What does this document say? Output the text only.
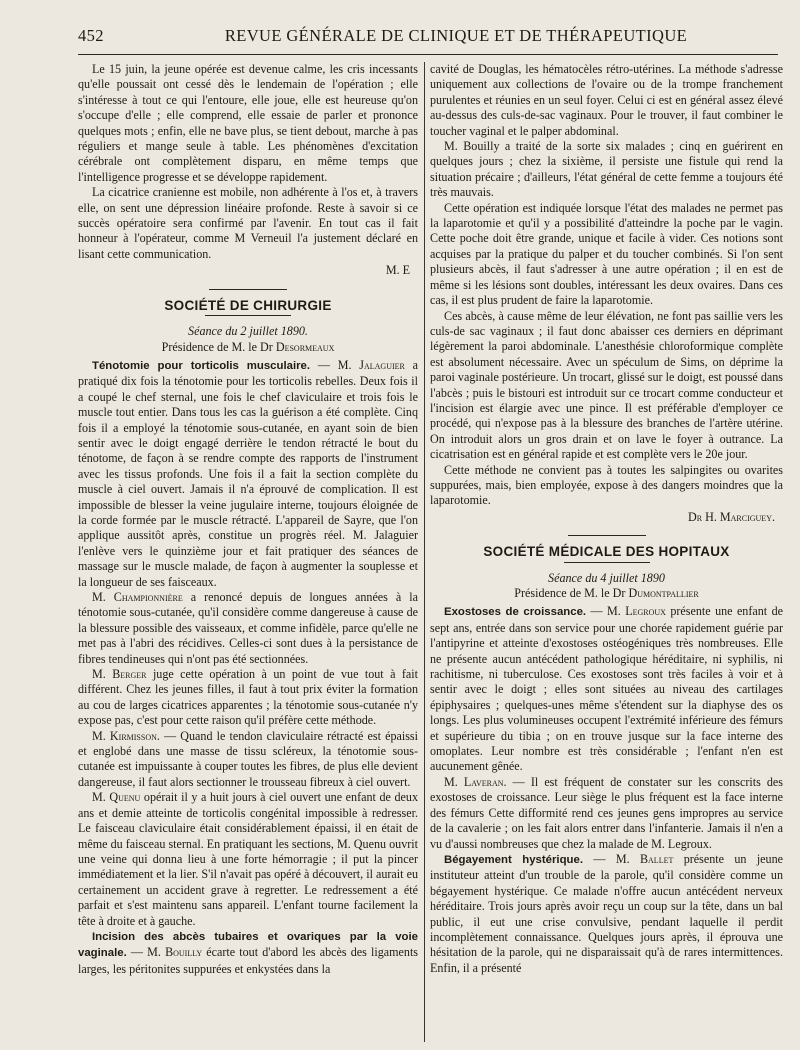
452	REVUE GÉNÉRALE DE CLINIQUE ET DE THÉRAPEUTIQUE

Le 15 juin, la jeune opérée est devenue calme, les cris incessants qu'elle poussait ont cessé dès le lendemain de l'opération ; elle s'intéresse à tout ce qui l'entoure, elle joue, elle est heureuse qu'on s'occupe d'elle ; elle comprend, elle essaie de parler et prononce quelques mots ; enfin, elle ne bave plus, se tient debout, marche à pas réguliers et mange seule à table. Les phénomènes d'excitation cérébrale ont complètement disparu, en même temps que l'intelligence progresse et se développe rapidement.

La cicatrice cranienne est mobile, non adhérente à l'os et, à travers elle, on sent une dépression linéaire profonde. Reste à savoir si ce succès opératoire sera confirmé par l'avenir. En tout cas il fait honneur à l'opérateur, comme M Verneuil l'a justement déclaré en lisant cette communication.

M. E
SOCIÉTÉ DE CHIRURGIE
Séance du 2 juillet 1890.
Présidence de M. le Dr Desormeaux

Ténotomie pour torticolis musculaire. — M. Jalaguier a pratiqué dix fois la ténotomie pour les torticolis rebelles. Deux fois il a coupé le chef sternal, une fois le chef claviculaire et trois fois le muscle tout entier. Dans tous les cas la guérison a été complète. Cinq fois il a employé la ténotomie sous-cutanée, en ayant soin de bien sentir avec le doigt engagé derrière le tendon rétracté le bout du ténotome, de façon à se rendre compte des rapports de l'instrument avec les tissus profonds. Une fois il a fait la section complète du muscle à ciel ouvert. Jamais il n'a éprouvé de complication. Il est impossible de blesser la veine jugulaire interne, toujours éloignée de la corde formée par le muscle rétracté. L'appareil de Sayre, que l'on applique aussitôt après, constitue un progrès réel. M. Jalaguier l'enlève vers le quinzième jour et fait pratiquer des séances de massage sur le muscle malade, de façon à augmenter la souplesse et la longueur de ses faisceaux.

M. Championnière a renoncé depuis de longues années à la ténotomie sous-cutanée, qu'il considère comme dangereuse à cause de la blessure possible des vaisseaux, et comme infidèle, parce qu'elle ne met pas à l'abri des récidives. Celles-ci sont dues à la persistance de fibres tendineuses qui n'ont pas été sectionnées.

M. Berger juge cette opération à un point de vue tout à fait différent. Chez les jeunes filles, il faut à tout prix éviter la formation au cou de larges cicatrices apparentes ; la ténotomie sous-cutanée n'y expose pas, c'est pour cette raison qu'il préfère cette méthode.

M. Kirmisson. — Quand le tendon claviculaire rétracté est épaissi et englobé dans une masse de tissu scléreux, la ténotomie sous-cutanée est impuissante à couper toutes les fibres, de plus elle devient dangereuse, il faut alors sectionner le trousseau fibreux à ciel ouvert.

M. Quenu opérait il y a huit jours à ciel ouvert une enfant de deux ans et demie atteinte de torticolis congénital impossible à redresser. Le faisceau claviculaire était considérablement épaissi, il en était de même du faisceau sternal. En pratiquant les sections, M. Quenu ouvrit une veine qui donna lieu à une forte hémorragie ; il put la pincer immédiatement et la lier. S'il n'avait pas opéré à découvert, il aurait eu certainement un accident grave à regretter. Le redressement a été parfait et s'est maintenu sans appareil. L'enfant tourne facilement la tête à droite et à gauche.

Incision des abcès tubaires et ovariques par la voie vaginale. — M. Bouilly écarte tout d'abord les abcès des ligaments larges, les péritonites suppurées et enkystées dans la

cavité de Douglas, les hématocèles rétro-utérines. La méthode s'adresse uniquement aux collections de l'ovaire ou de la trompe franchement purulentes et réunies en un seul foyer. Celui ci est en général assez élevé au-dessus des culs-de-sac vaginaux. Pour le trouver, il faut combiner le toucher vaginal et le palper abdominal.

M. Bouilly a traité de la sorte six malades ; cinq en guérirent en quelques jours ; chez la sixième, il persiste une fistule qui rend la situation précaire ; d'ailleurs, l'état général de cette femme a toujours été très mauvais.

Cette opération est indiquée lorsque l'état des malades ne permet pas la laparotomie et qu'il y a possibilité d'atteindre la poche par le vagin. Cette poche doit être grande, unique et facile à vider. Ces notions sont acquises par la pratique du palper et du toucher combinés. Si l'on sent plusieurs abcès, il faut s'adresser à une autre opération ; il en est de même si les lésions sont doubles, intéressant les deux ovaires. Dans ces cas, il est plus prudent de faire la laparotomie.

Ces abcès, à cause même de leur élévation, ne font pas saillie vers les culs-de sac vaginaux ; il faut donc abaisser ces derniers en déprimant légèrement la paroi abdominale. L'anesthésie chloroformique complète est absolument nécessaire. Avec un spéculum de Sims, on déprime la paroi vaginale postérieure. Un trocart, glissé sur le doigt, est poussé dans l'abcès ; puis le bistouri est introduit sur ce trocart comme conducteur et l'incision est élargie avec une pince. Il est préférable d'employer ce procédé, qui n'expose pas à la blessure des branches de l'artère utérine. On introduit alors un gros drain et on lave le foyer à outrance. La cicatrisation est en général rapide et est complète vers le 20e jour.

Cette méthode ne convient pas à toutes les salpingites ou ovarites suppurées, mais, bien employée, expose à des dangers moindres que la laparotomie.

Dr H. Marciguey.
SOCIÉTÉ MÉDICALE DES HOPITAUX
Séance du 4 juillet 1890
Présidence de M. le Dr Dumontpallier

Exostoses de croissance. — M. Legroux présente une enfant de sept ans, entrée dans son service pour une chorée rapidement guérie par l'antipyrine et atteinte d'exostoses ostéogéniques très nombreuses. Elle ne présente aucun antécédent pathologique héréditaire, ni syphilis, ni rachitisme, ni tuberculose. Ces exostoses sont très faciles à voir et à sentir avec le doigt ; elles sont situées au niveau des cartilages épiphysaires ; quelques-unes même s'étendent sur la diaphyse des os longs. Les plus volumineuses occupent l'extrémité inférieure des fémurs et supérieure du tibia ; on en trouve jusque sur la face interne des omoplates. Leur nombre est très considérable ; l'enfant n'en est aucunement gênée.

M. Laveran. — Il est fréquent de constater sur les conscrits des exostoses de croissance. Leur siège le plus fréquent est la face interne des fémurs Cette difformité rend ces jeunes gens impropres au service de la cavalerie ; on les fait alors entrer dans l'infanterie. Jamais il n'en a vu d'aussi nombreuses que chez la malade de M. Legroux.

Bégayement hystérique. — M. Ballet présente un jeune instituteur atteint d'un trouble de la parole, qu'il considère comme un bégayement hystérique. Ce malade n'offre aucun antécédent nerveux héréditaire. Trois jours après avoir reçu un coup sur la tête, dans un bal public, il eut une crise convulsive, pendant laquelle il perdit incomplètement connaissance. Quelques jours après, il éprouva une hésitation de la parole, qui ne disparaissait qu'à de rares intermittences. Enfin, il a présenté
